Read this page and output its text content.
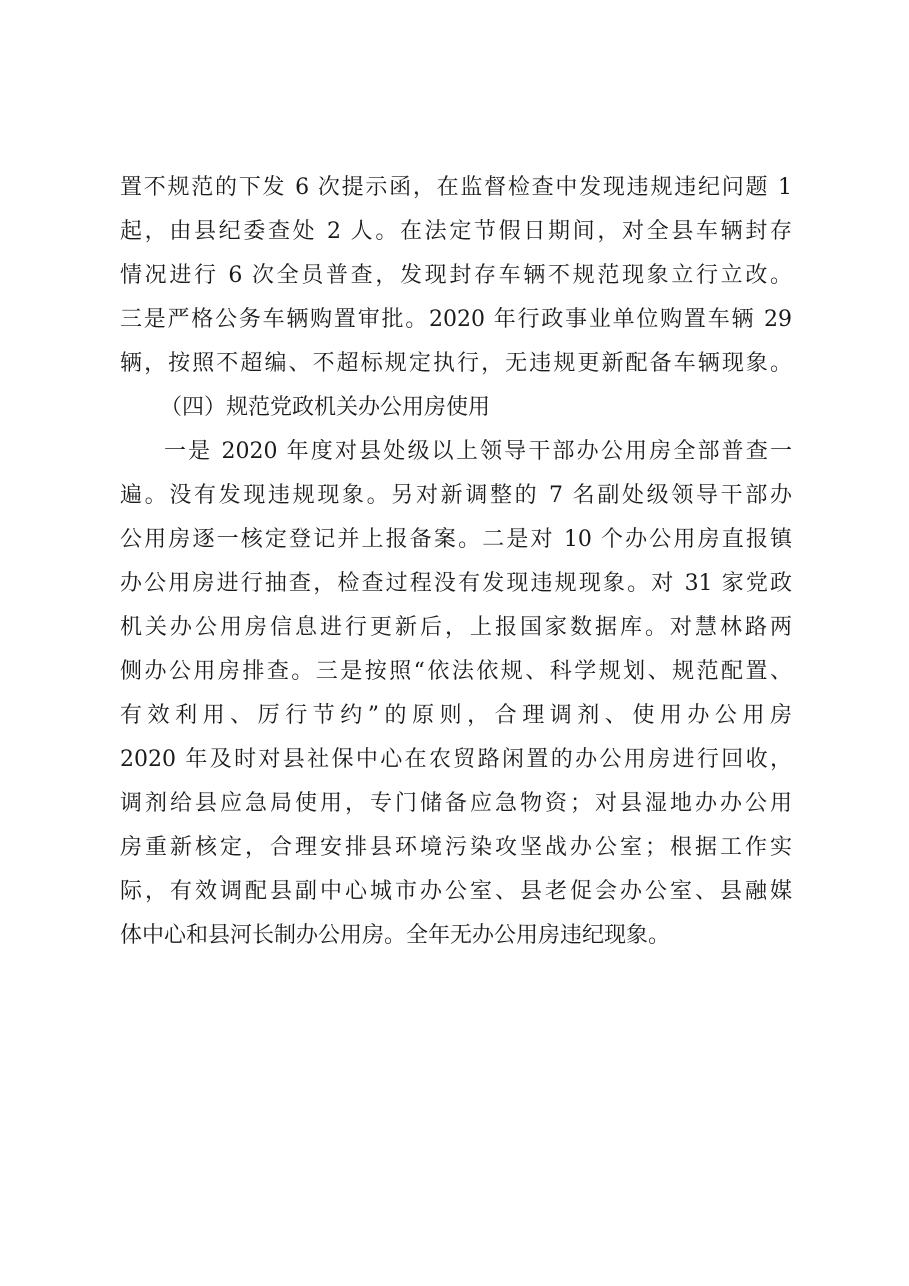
置不规范的下发 6 次提示函，在监督检查中发现违规违纪问题 1
起，由县纪委查处 2 人。在法定节假日期间，对全县车辆封存
情况进行 6 次全员普查，发现封存车辆不规范现象立行立改。
三是严格公务车辆购置审批。2020 年行政事业单位购置车辆 29
辆，按照不超编、不超标规定执行，无违规更新配备车辆现象。
（四）规范党政机关办公用房使用
一是 2020 年度对县处级以上领导干部办公用房全部普查一
遍。没有发现违规现象。另对新调整的 7 名副处级领导干部办
公用房逐一核定登记并上报备案。二是对 10 个办公用房直报镇
办公用房进行抽查，检查过程没有发现违规现象。对 31 家党政
机关办公用房信息进行更新后，上报国家数据库。对慧林路两
侧办公用房排查。三是按照“依法依规、科学规划、规范配置、
有效利用、厉行节约”的原则，合理调剂、使用办公用房
2020 年及时对县社保中心在农贸路闲置的办公用房进行回收，
调剂给县应急局使用，专门储备应急物资；对县湿地办办公用
房重新核定，合理安排县环境污染攻坚战办公室；根据工作实
际，有效调配县副中心城市办公室、县老促会办公室、县融媒
体中心和县河长制办公用房。全年无办公用房违纪现象。
